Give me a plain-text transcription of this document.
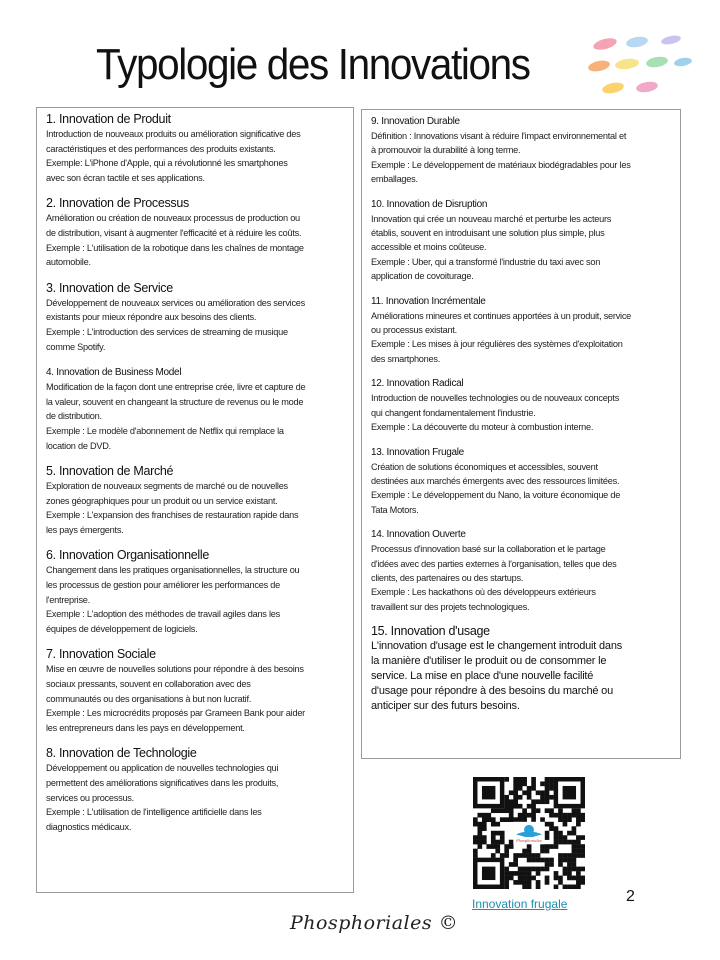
Typologie des Innovations
1. Innovation de Produit
Introduction de nouveaux produits ou amélioration significative des
caractéristiques et des performances des produits existants.
Exemple: L'iPhone d'Apple, qui a révolutionné les smartphones
avec son écran tactile et ses applications.
2. Innovation de Processus
Amélioration ou création de nouveaux processus de production ou
de distribution, visant à augmenter l'efficacité et à réduire les coûts.
Exemple : L'utilisation de la robotique dans les chaînes de montage
automobile.
3. Innovation de Service
Développement de nouveaux services ou amélioration des services
existants pour mieux répondre aux besoins des clients.
Exemple : L'introduction des services de streaming de musique
comme Spotify.
4. Innovation de Business Model
Modification de la façon dont une entreprise crée, livre et capture de
la valeur, souvent en changeant la structure de revenus ou le mode
de distribution.
Exemple : Le modèle d'abonnement de Netflix qui remplace la
location de DVD.
5. Innovation de Marché
Exploration de nouveaux segments de marché ou de nouvelles
zones géographiques pour un produit ou un service existant.
Exemple : L'expansion des franchises de restauration rapide dans
les pays émergents.
6. Innovation Organisationnelle
Changement dans les pratiques organisationnelles, la structure ou
les processus de gestion pour améliorer les performances de
l'entreprise.
Exemple : L'adoption des méthodes de travail agiles dans les
équipes de développement de logiciels.
7. Innovation Sociale
Mise en œuvre de nouvelles solutions pour répondre à des besoins
sociaux pressants, souvent en collaboration avec des
communautés ou des organisations à but non lucratif.
Exemple : Les microcrédits proposés par Grameen Bank pour aider
les entrepreneurs dans les pays en développement.
8. Innovation de Technologie
Développement ou application de nouvelles technologies qui
permettent des améliorations significatives dans les produits,
services ou processus.
Exemple : L'utilisation de l'intelligence artificielle dans les
diagnostics médicaux.
9. Innovation Durable
Définition : Innovations visant à réduire l'impact environnemental et
à promouvoir la durabilité à long terme.
Exemple : Le développement de matériaux biodégradables pour les
emballages.
10. Innovation de Disruption
Innovation qui crée un nouveau marché et perturbe les acteurs
établis, souvent en introduisant une solution plus simple, plus
accessible et moins coûteuse.
Exemple : Uber, qui a transformé l'industrie du taxi avec son
application de covoiturage.
11. Innovation Incrémentale
Améliorations mineures et continues apportées à un produit, service
ou processus existant.
Exemple : Les mises à jour régulières des systèmes d'exploitation
des smartphones.
12. Innovation Radical
Introduction de nouvelles technologies ou de nouveaux concepts
qui changent fondamentalement l'industrie.
Exemple : La découverte du moteur à combustion interne.
13. Innovation Frugale
Création de solutions économiques et accessibles, souvent
destinées aux marchés émergents avec des ressources limitées.
Exemple : Le développement du Nano, la voiture économique de
Tata Motors.
14. Innovation Ouverte
Processus d'innovation basé sur la collaboration et le partage
d'idées avec des parties externes à l'organisation, telles que des
clients, des partenaires ou des startups.
Exemple : Les hackathons où des développeurs extérieurs
travaillent sur des projets technologiques.
15. Innovation d'usage
L'innovation d'usage est le changement introduit dans
la manière d'utiliser le produit ou de consommer le
service. La mise en place d'une nouvelle facilité
d'usage pour répondre à des besoins du marché ou
anticiper sur des futurs besoins.
Phosphoriales
Innovation frugale	2
Phosphoriales ©
